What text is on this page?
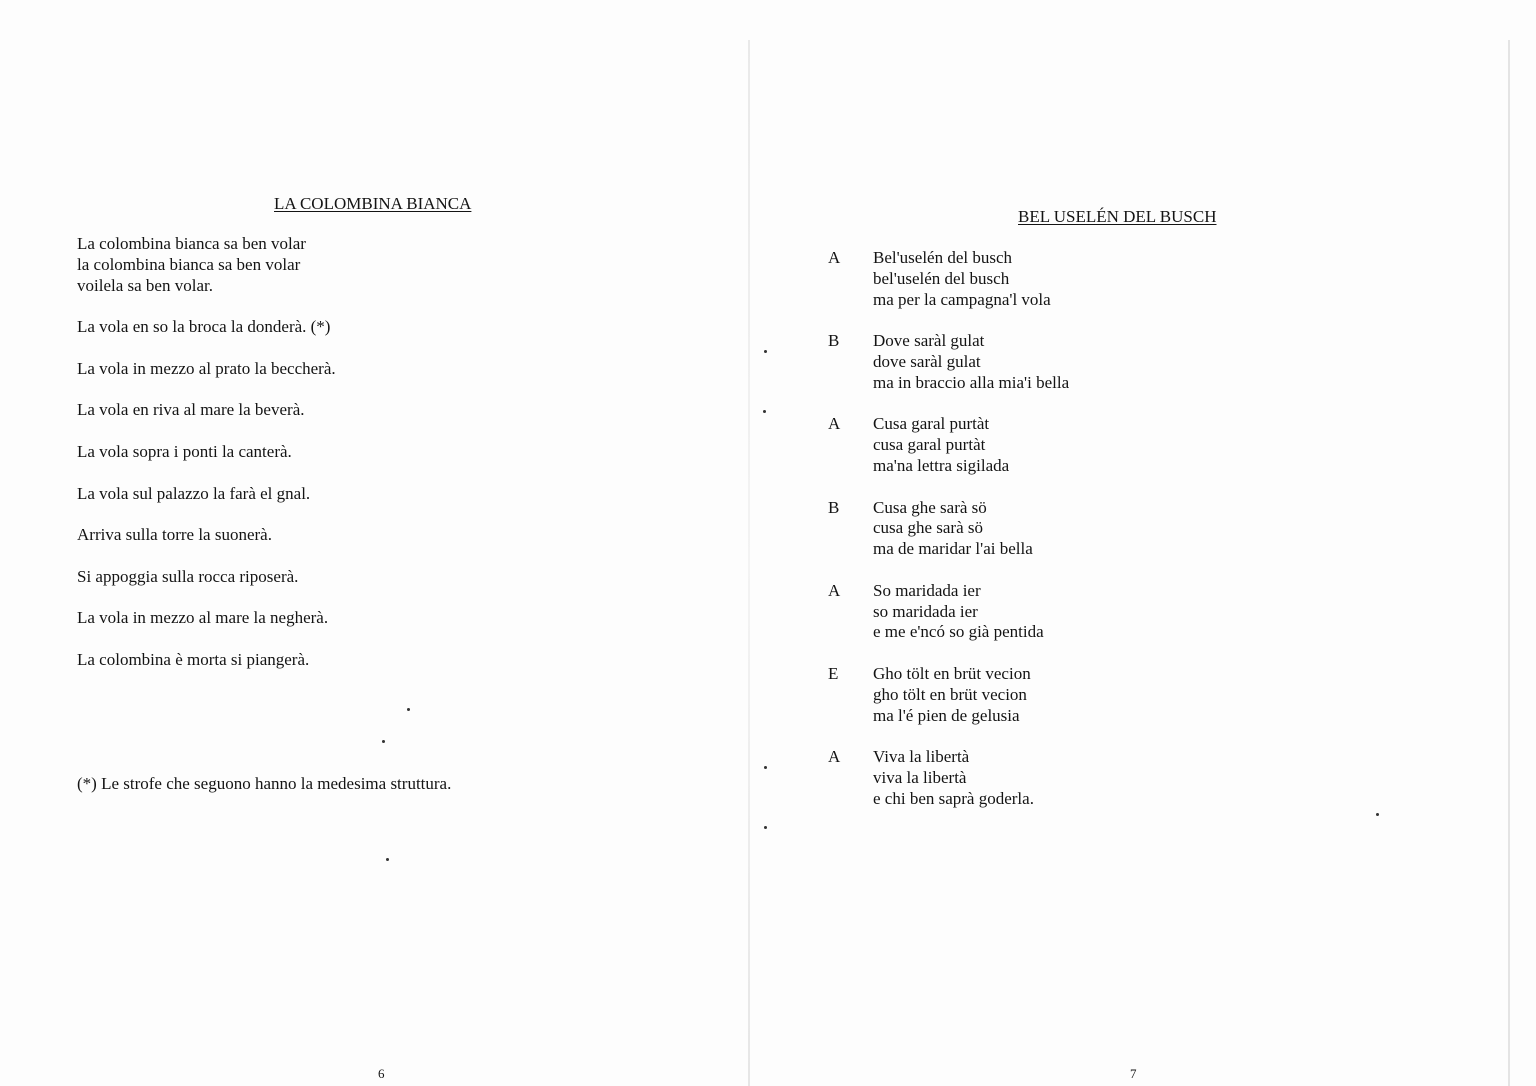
LA COLOMBINA BIANCA
La colombina bianca sa ben volar
la colombina bianca sa ben volar
voilela sa ben volar.
La vola en so la broca la donderà. (*)
La vola in mezzo al prato la beccherà.
La vola en riva al mare la beverà.
La vola sopra i ponti la canterà.
La vola sul palazzo la farà el gnal.
Arriva sulla torre la suonerà.
Si appoggia sulla rocca riposerà.
La vola in mezzo al mare la negherà.
La colombina è morta si piangerà.
(*) Le strofe che seguono hanno la medesima struttura.
6
BEL USELÉN DEL BUSCH
A	Bel'uselén del busch
bel'uselén del busch
ma per la campagna'l vola
B	Dove saràl gulat
dove saràl gulat
ma in braccio alla mia'i bella
A	Cusa garal purtàt
cusa garal purtàt
ma'na lettra sigilada
B	Cusa ghe sarà sö
cusa ghe sarà sö
ma de maridar l'ai bella
A	So maridada ier
so maridada ier
e me e'ncó so già pentida
E	Gho tölt en brüt vecion
gho tölt en brüt vecion
ma l'é pien de gelusia
A	Viva la libertà
viva la libertà
e chi ben saprà goderla.
7
